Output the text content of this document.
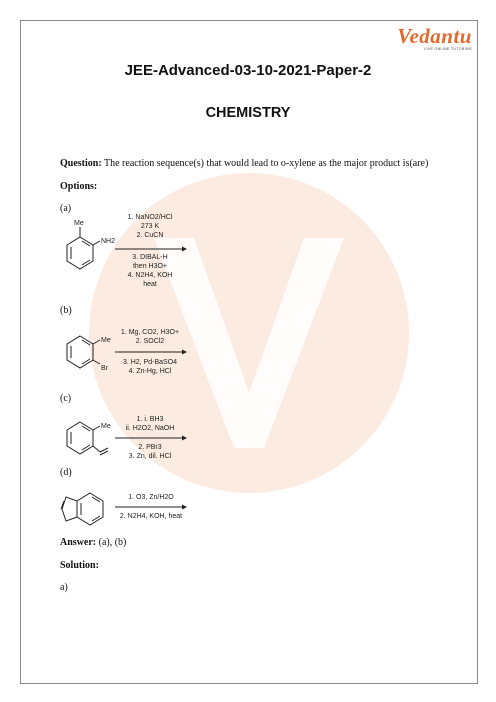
Vedantu
LIVE ONLINE TUTORING
JEE-Advanced-03-10-2021-Paper-2
CHEMISTRY
Question: The reaction sequence(s) that would lead to o-xylene as the major product is(are)
Options:
(a)
Me
NH2
1. NaNO2/HCl
273 K
2. CuCN
3. DIBAL-H
then H3O+
4. N2H4, KOH
heat
(b)
Me
Br
1. Mg, CO2, H3O+
2. SOCl2
3. H2, Pd-BaSO4
4. Zn-Hg, HCl
(c)
Me
1. i. BH3
ii. H2O2, NaOH
2. PBr3
3. Zn, dil. HCl
(d)
1. O3, Zn/H2O
2. N2H4, KOH, heat
Answer: (a), (b)
Solution:
a)
